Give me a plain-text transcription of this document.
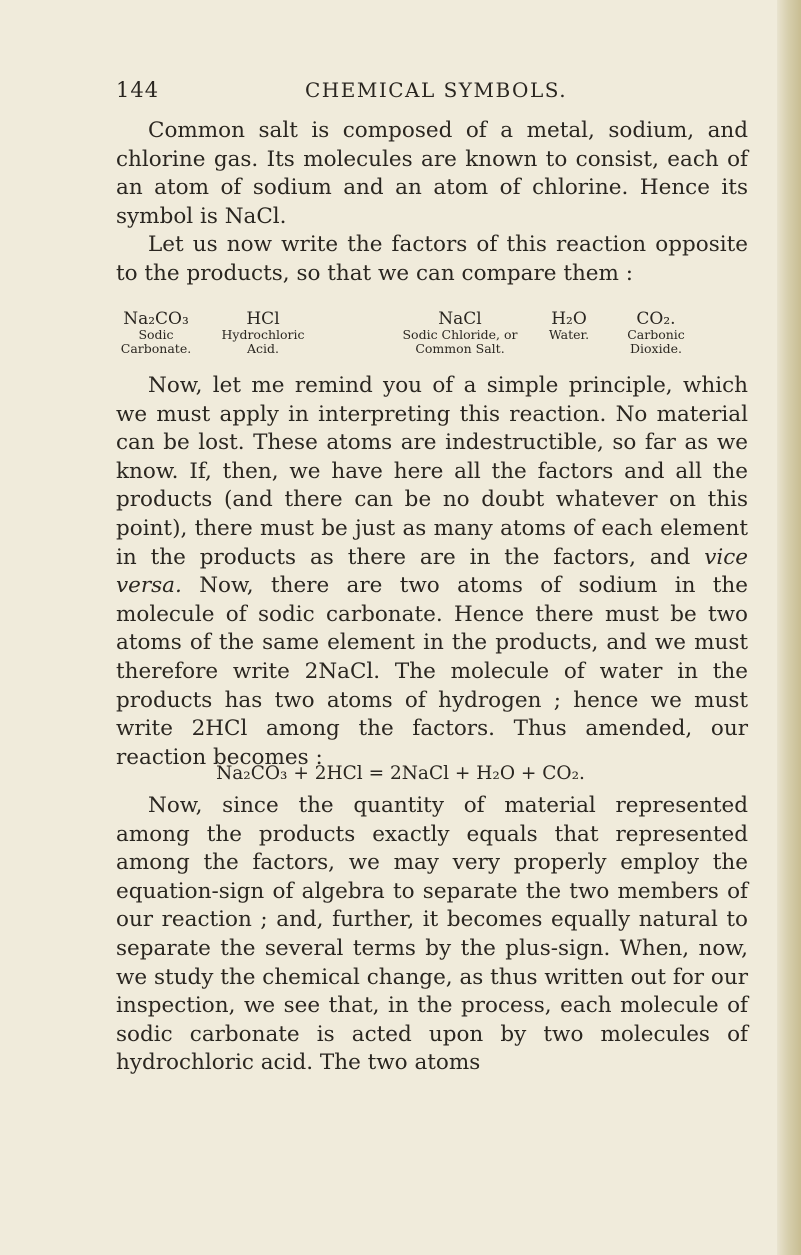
144	CHEMICAL SYMBOLS.

Common salt is composed of a metal, sodium, and chlorine gas. Its molecules are known to consist, each of an atom of sodium and an atom of chlorine. Hence its symbol is NaCl.

Let us now write the factors of this reaction opposite to the products, so that we can compare them :

Na₂CO₃
Sodic
Carbonate.
HCl
Hydrochloric
Acid.
NaCl
Sodic Chloride, or
Common Salt.
H₂O
Water.
CO₂.
Carbonic
Dioxide.

Now, let me remind you of a simple principle, which we must apply in interpreting this reaction. No material can be lost. These atoms are indestructible, so far as we know. If, then, we have here all the factors and all the products (and there can be no doubt whatever on this point), there must be just as many atoms of each element in the products as there are in the factors, and vice versa. Now, there are two atoms of sodium in the molecule of sodic carbonate. Hence there must be two atoms of the same element in the products, and we must therefore write 2NaCl. The molecule of water in the products has two atoms of hydrogen ; hence we must write 2HCl among the factors. Thus amended, our reaction becomes :

Na₂CO₃ + 2HCl = 2NaCl + H₂O + CO₂.

Now, since the quantity of material represented among the products exactly equals that represented among the factors, we may very properly employ the equation-sign of algebra to separate the two members of our reaction ; and, further, it becomes equally natural to separate the several terms by the plus-sign. When, now, we study the chemical change, as thus written out for our inspection, we see that, in the process, each molecule of sodic carbonate is acted upon by two molecules of hydrochloric acid. The two atoms
